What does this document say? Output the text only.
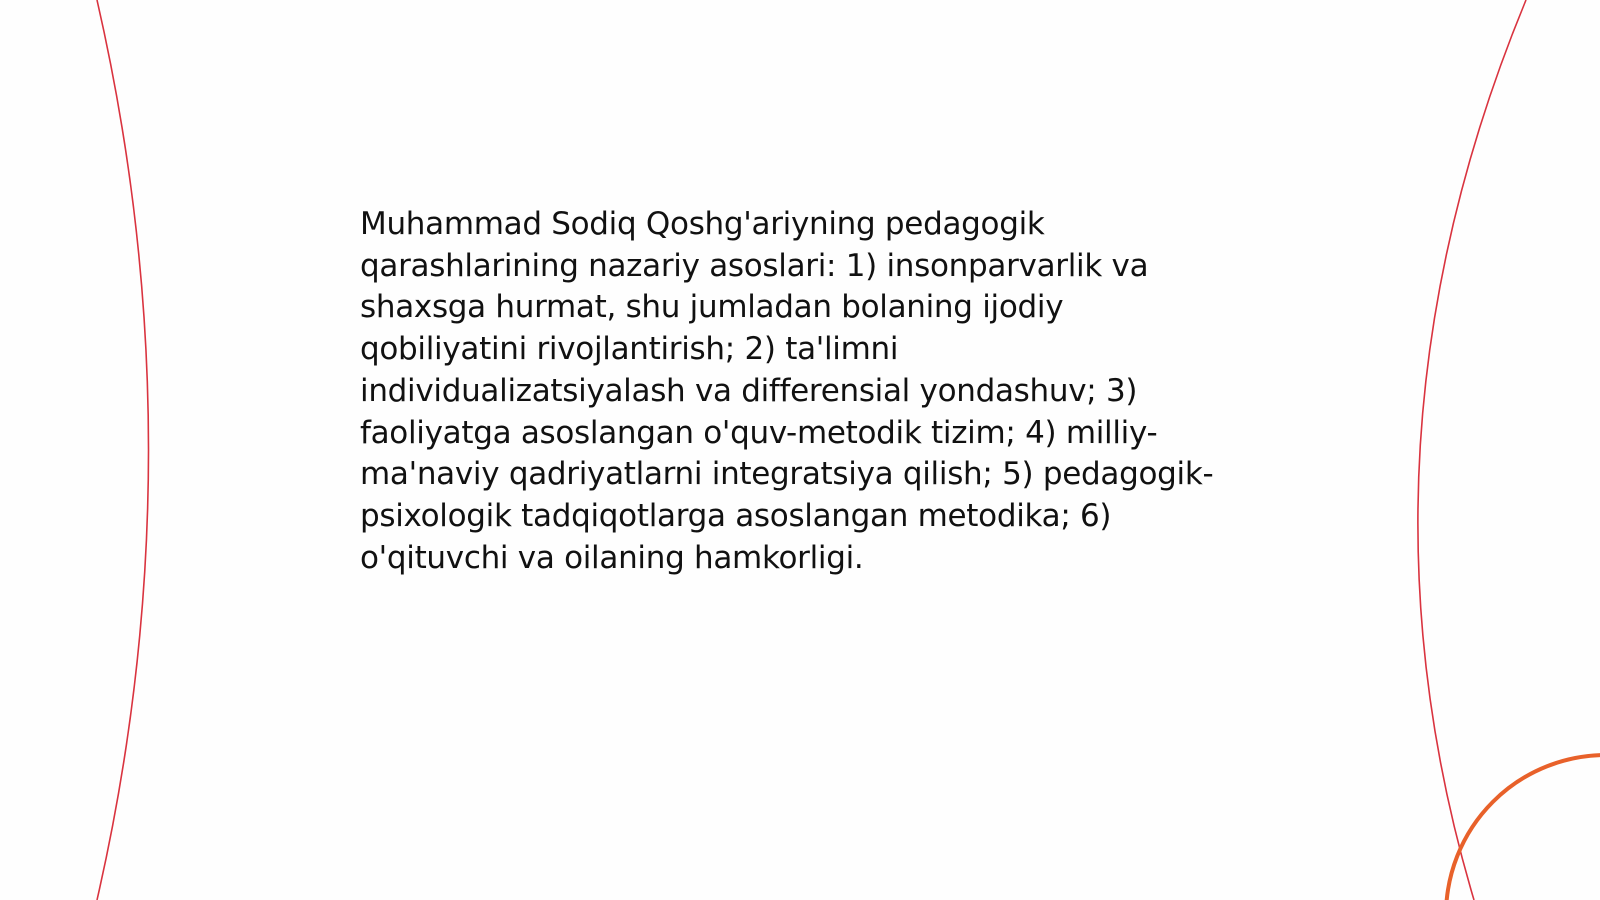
Muhammad Sodiq Qoshg'ariyning pedagogik qarashlarining nazariy asoslari: 1) insonparvarlik va shaxsga hurmat, shu jumladan bolaning ijodiy qobiliyatini rivojlantirish; 2) ta'limni individualizatsiyalash va differensial yondashuv; 3) faoliyatga asoslangan o'quv-metodik tizim; 4) milliy-ma'naviy qadriyatlarni integratsiya qilish; 5) pedagogik-psixologik tadqiqotlarga asoslangan metodika; 6) o'qituvchi va oilaning hamkorligi.
